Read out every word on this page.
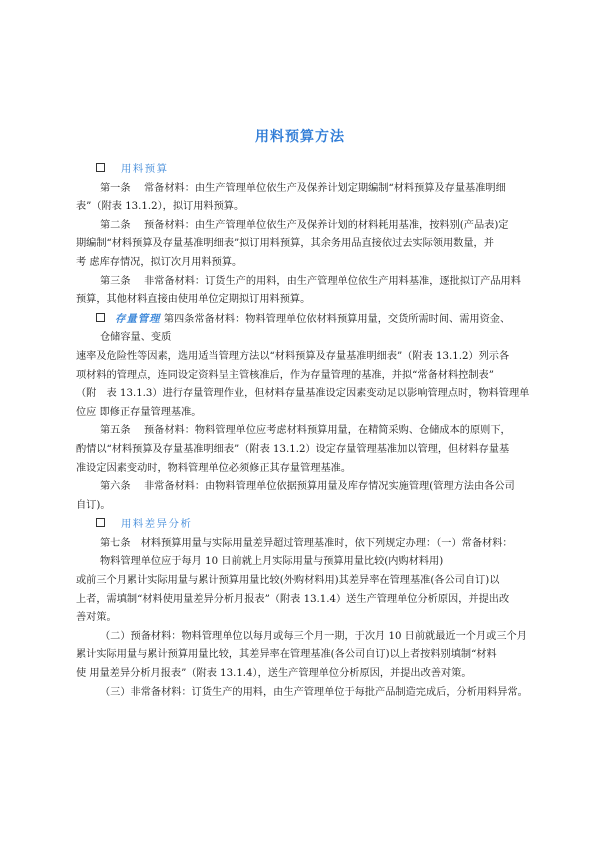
用料预算方法
用料预算

第一条　 常备材料：由生产管理单位依生产及保养计划定期编制“材料预算及存量基准明细

表”（附表 13.1.2），拟订用料预算。

第二条　 预备材料：由生产管理单位依生产及保养计划的材料耗用基准，按料别(产品表)定

期编制“材料预算及存量基准明细表”拟订用料预算，其余务用品直接依过去实际领用数量，并

考 虑库存情况，拟订次月用料预算。

第三条　 非常备材料：订货生产的用料，由生产管理单位依生产用料基准，逐批拟订产品用料

预算，其他材料直接由使用单位定期拟订用料预算。

存量管理 第四条常备材料：物料管理单位依材料预算用量，交货所需时间、需用资金、

仓储容量、变质

速率及危险性等因素，选用适当管理方法以“材料预算及存量基准明细表”（附表 13.1.2）列示各

项材料的管理点，连同设定资料呈主管核准后，作为存量管理的基准，并拟“常备材料控制表”

（附　表 13.1.3）进行存量管理作业，但材料存量基准设定因素变动足以影响管理点时，物料管理单

位应 即修正存量管理基准。

第五条　 预备材料：物料管理单位应考虑材料预算用量，在精简采购、仓储成本的原则下，

酌情以“材料预算及存量基准明细表”（附表 13.1.2）设定存量管理基准加以管理，但材料存量基

准设定因素变动时，物料管理单位必须修正其存量管理基准。

第六条　 非常备材料：由物料管理单位依据预算用量及库存情况实施管理(管理方法由各公司

自订)。

用料差异分析

第七条　材料预算用量与实际用量差异超过管理基准时，依下列规定办理：（一）常备材料：

物料管理单位应于每月 10 日前就上月实际用量与预算用量比较(内购材料用)

或前三个月累计实际用量与累计预算用量比较(外购材料用)其差异率在管理基准(各公司自订)以

上者，需填制“材料使用量差异分析月报表”（附表 13.1.4）送生产管理单位分析原因，并提出改

善对策。

（二）预备材料：物料管理单位以每月或每三个月一期，于次月 10 日前就最近一个月或三个月

累计实际用量与累计预算用量比较，其差异率在管理基准(各公司自订)以上者按料别填制“材料

使 用量差异分析月报表”（附表 13.1.4），送生产管理单位分析原因，并提出改善对策。

（三）非常备材料：订货生产的用料，由生产管理单位于每批产品制造完成后，分析用料异常。
